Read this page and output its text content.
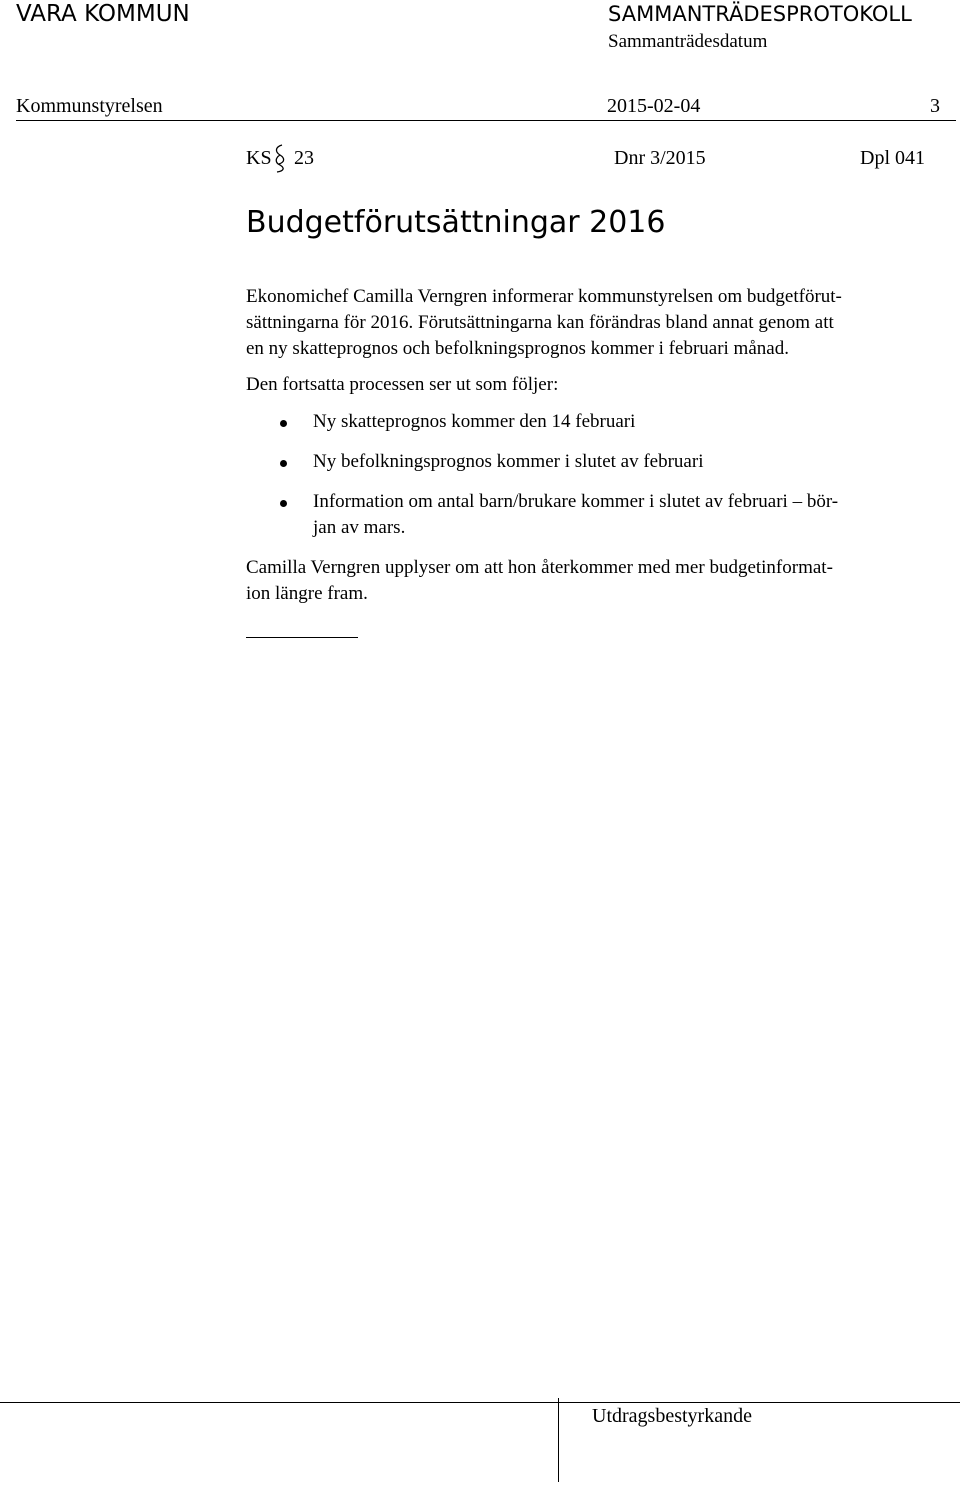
VARA KOMMUN	SAMMANTRÄDESPROTOKOLL
Sammanträdesdatum
Kommunstyrelsen	2015-02-04	3
KS 23	Dnr 3/2015	Dpl 041
Budgetförutsättningar 2016
Ekonomichef Camilla Verngren informerar kommunstyrelsen om budgetförut-
sättningarna för 2016. Förutsättningarna kan förändras bland annat genom att
en ny skatteprognos och befolkningsprognos kommer i februari månad.
Den fortsatta processen ser ut som följer:
Ny skatteprognos kommer den 14 februari
Ny befolkningsprognos kommer i slutet av februari
Information om antal barn/brukare kommer i slutet av februari – bör-
jan av mars.
Camilla Verngren upplyser om att hon återkommer med mer budgetinformat-
ion längre fram.
Utdragsbestyrkande
